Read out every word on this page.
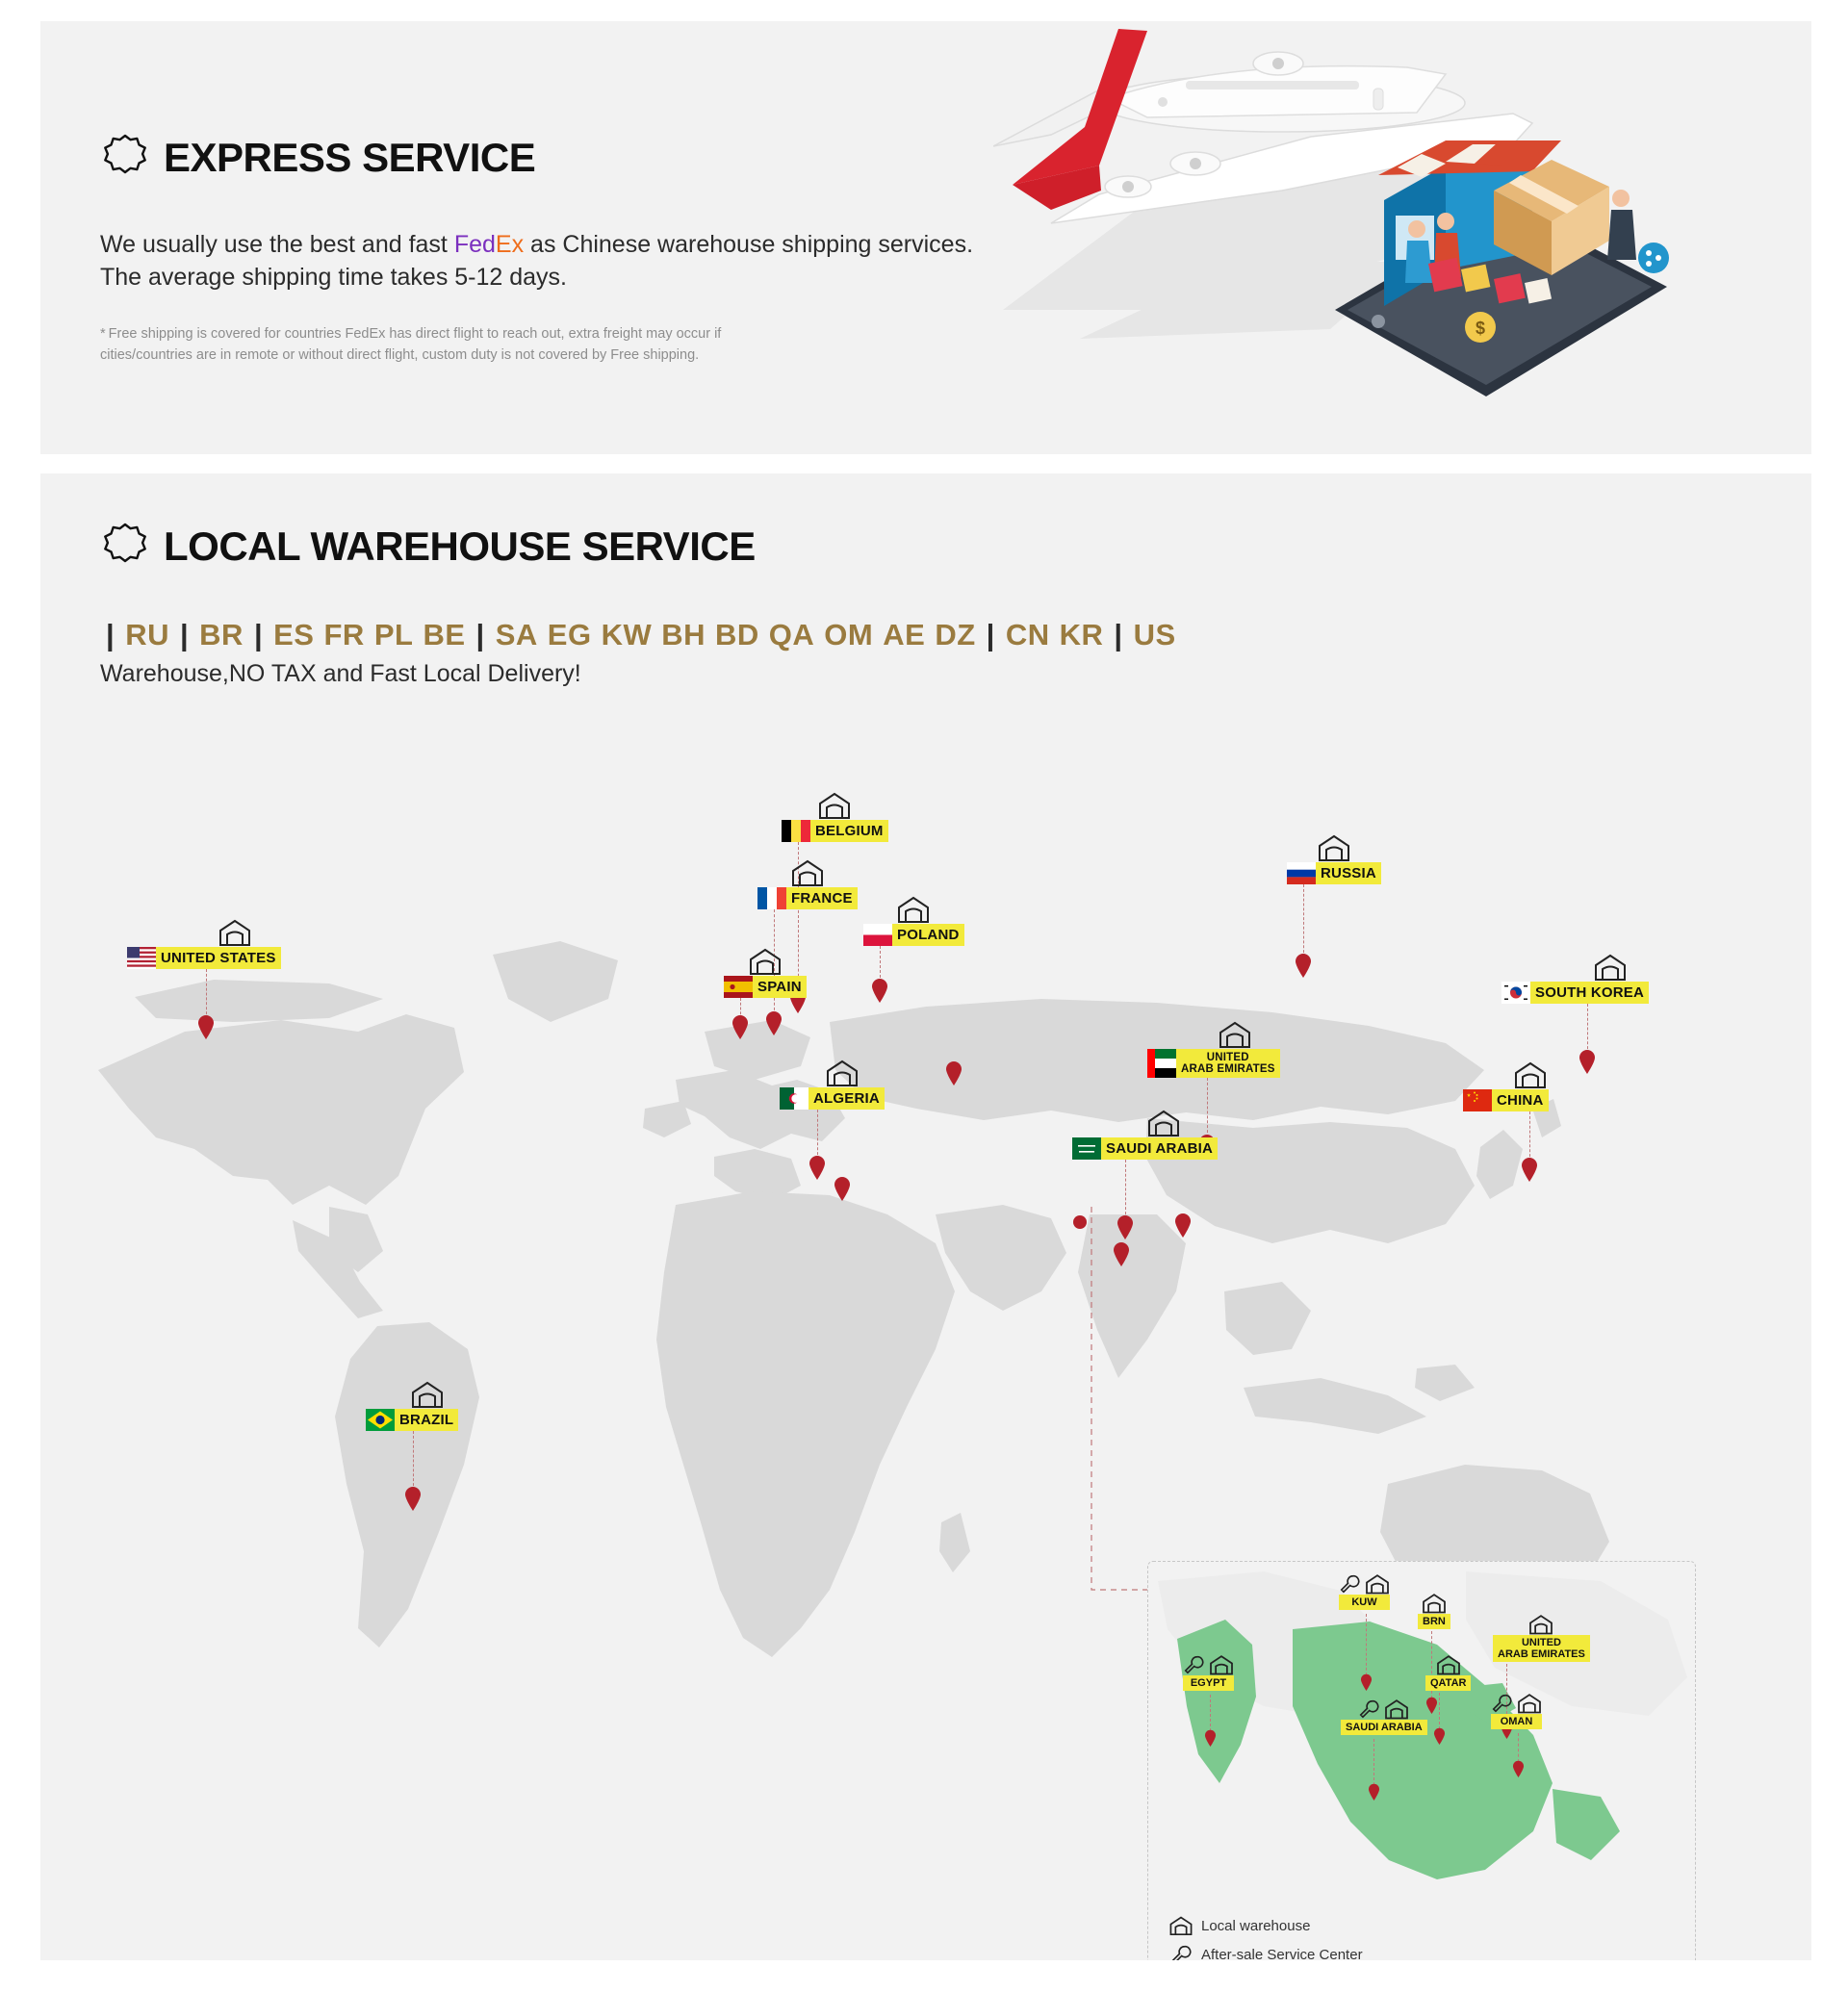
$
EXPRESS SERVICE

We usually use the best and fast FedEx as Chinese warehouse shipping services. The average shipping time takes 5-12 days.

* Free shipping is covered for countries FedEx has direct flight to reach out, extra freight may occur if cities/countries are in remote or without direct flight, custom duty is not covered by Free shipping.

LOCAL WAREHOUSE SERVICE
| RU | BR | ES FR PL BE | SA EG KW BH BD QA OM AE DZ | CN KR | US
Warehouse,NO TAX and Fast Local Delivery!
BELGIUM
FRANCE
POLAND
RUSSIA
SPAIN
UNITED STATES
SOUTH KOREA
ALGERIA
UNITED
ARAB EMIRATES
CHINA
SAUDI ARABIA
BRAZIL
KUW
BRN
UNITED
ARAB EMIRATES
QATAR
OMAN
EGYPT
SAUDI ARABIA
Local warehouse
After-sale Service Center
